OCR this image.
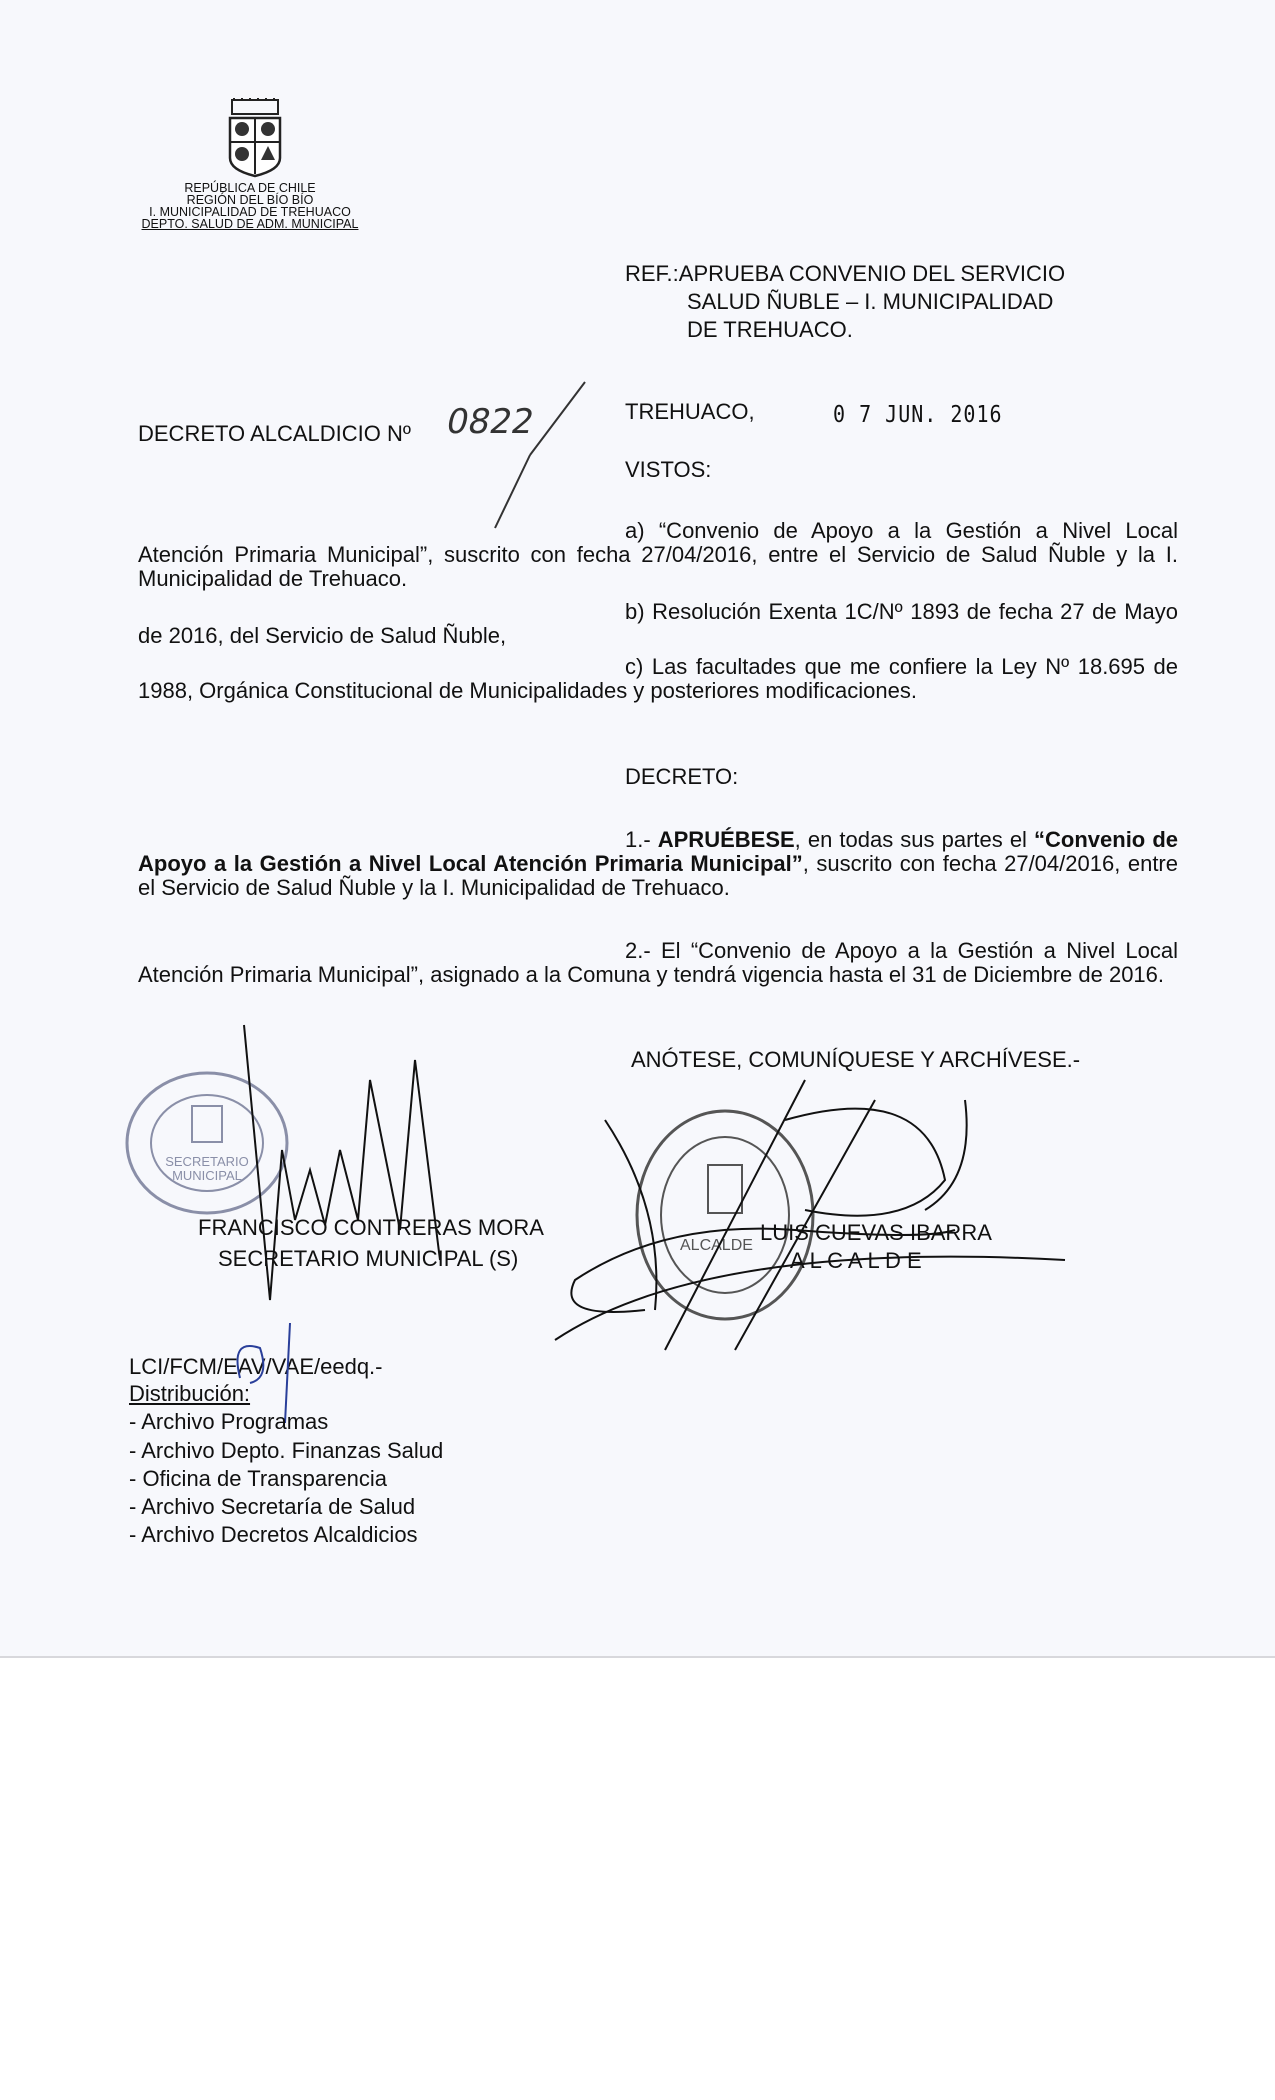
REPÚBLICA DE CHILE
REGIÓN DEL BÍO BÍO
I. MUNICIPALIDAD DE TREHUACO
DEPTO. SALUD DE ADM. MUNICIPAL
REF.:APRUEBA CONVENIO DEL SERVICIO
SALUD ÑUBLE – I. MUNICIPALIDAD
DE TREHUACO.
DECRETO ALCALDICIO Nº 0822	TREHUACO,	0 7 JUN. 2016
VISTOS:
a) “Convenio de Apoyo a la Gestión a Nivel Local Atención Primaria Municipal”, suscrito con fecha 27/04/2016, entre el Servicio de Salud Ñuble y la I. Municipalidad de Trehuaco.
b) Resolución Exenta 1C/Nº 1893 de fecha 27 de Mayo de 2016, del Servicio de Salud Ñuble,
c) Las facultades que me confiere la Ley Nº 18.695 de 1988, Orgánica Constitucional de Municipalidades y posteriores modificaciones.
DECRETO:
1.- APRUÉBESE, en todas sus partes el “Convenio de Apoyo a la Gestión a Nivel Local Atención Primaria Municipal”, suscrito con fecha 27/04/2016, entre el Servicio de Salud Ñuble y la I. Municipalidad de Trehuaco.
2.- El “Convenio de Apoyo a la Gestión a Nivel Local Atención Primaria Municipal”, asignado a la Comuna y tendrá vigencia hasta el 31 de Diciembre de 2016.
ANÓTESE, COMUNÍQUESE Y ARCHÍVESE.-
SECRETARIO
MUNICIPAL
ALCALDE
FRANCISCO CONTRERAS MORA
SECRETARIO MUNICIPAL (S)
LUIS CUEVAS IBARRA
A L C A L D E
LCI/FCM/EAV/VAE/eedq.-
Distribución:
- Archivo Programas
- Archivo Depto. Finanzas Salud
- Oficina de Transparencia
- Archivo Secretaría de Salud
- Archivo Decretos Alcaldicios
